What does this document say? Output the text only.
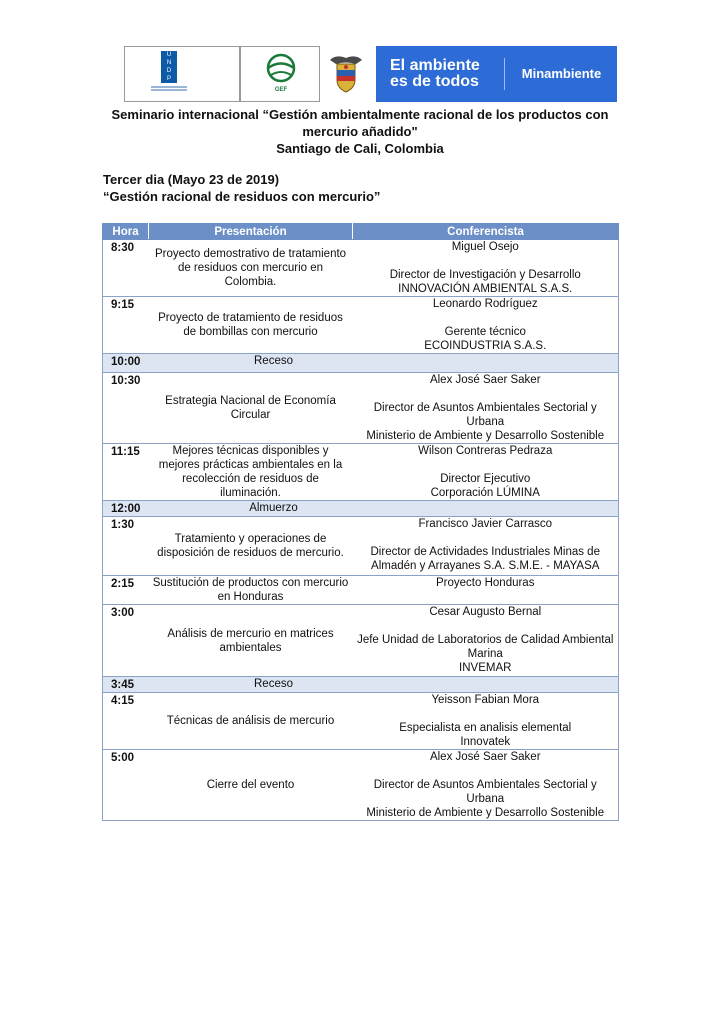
U
N
D
P
GEF
El ambiente es de todos	Minambiente
Seminario internacional “Gestión ambientalmente racional de los productos con
mercurio añadido"
Santiago de Cali, Colombia
Tercer dia (Mayo 23 de 2019)
“Gestión racional de residuos con mercurio”
Hora	Presentación	Conferencista
8:30	Proyecto demostrativo de tratamiento de residuos con mercurio en Colombia.	Miguel Osejo
Director de Investigación y Desarrollo
INNOVACIÓN AMBIENTAL S.A.S.

9:15	Proyecto de tratamiento de residuos de bombillas con mercurio	Leonardo Rodríguez
Gerente técnico
ECOINDUSTRIA S.A.S.

10:00	Receso	

10:30	Estrategia Nacional de Economía Circular	Alex José Saer Saker
Director de Asuntos Ambientales Sectorial y Urbana
Ministerio de Ambiente y Desarrollo Sostenible

11:15	Mejores técnicas disponibles y mejores prácticas ambientales en la recolección de residuos de iluminación.	Wilson Contreras Pedraza
Director Ejecutivo
Corporación LÚMINA

12:00	Almuerzo	

1:30	Tratamiento y operaciones de disposición de residuos de mercurio.	Francisco Javier Carrasco
Director de Actividades Industriales Minas de Almadén y Arrayanes S.A. S.M.E. - MAYASA

2:15	Sustitución de productos con mercurio en Honduras	Proyecto Honduras

3:00	Análisis de mercurio en matrices ambientales	Cesar Augusto Bernal
Jefe Unidad de Laboratorios de Calidad Ambiental Marina
INVEMAR

3:45	Receso	

4:15	Técnicas de análisis de mercurio	Yeisson Fabian Mora
Especialista en analisis elemental
Innovatek

5:00	Cierre del evento	Alex José Saer Saker
Director de Asuntos Ambientales Sectorial y Urbana
Ministerio de Ambiente y Desarrollo Sostenible
